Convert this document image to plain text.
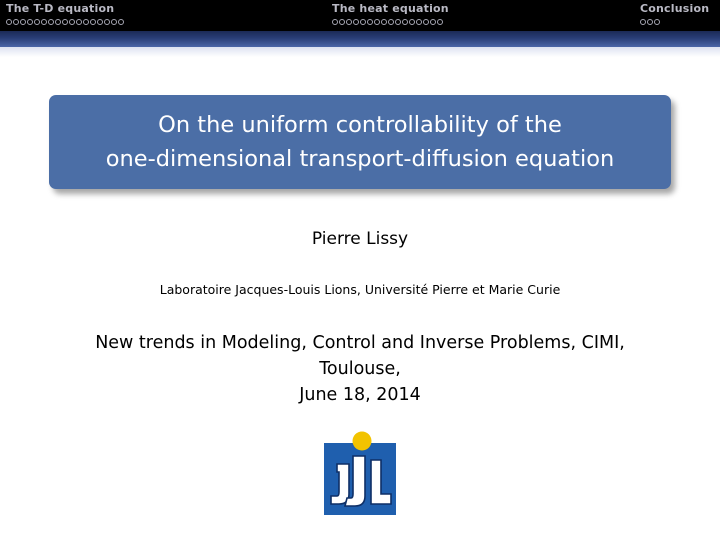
The T-D equation	The heat equation	Conclusion
On the uniform controllability of the
one-dimensional transport-diffusion equation
Pierre Lissy
Laboratoire Jacques-Louis Lions, Université Pierre et Marie Curie
New trends in Modeling, Control and Inverse Problems, CIMI,
Toulouse,
June 18, 2014
